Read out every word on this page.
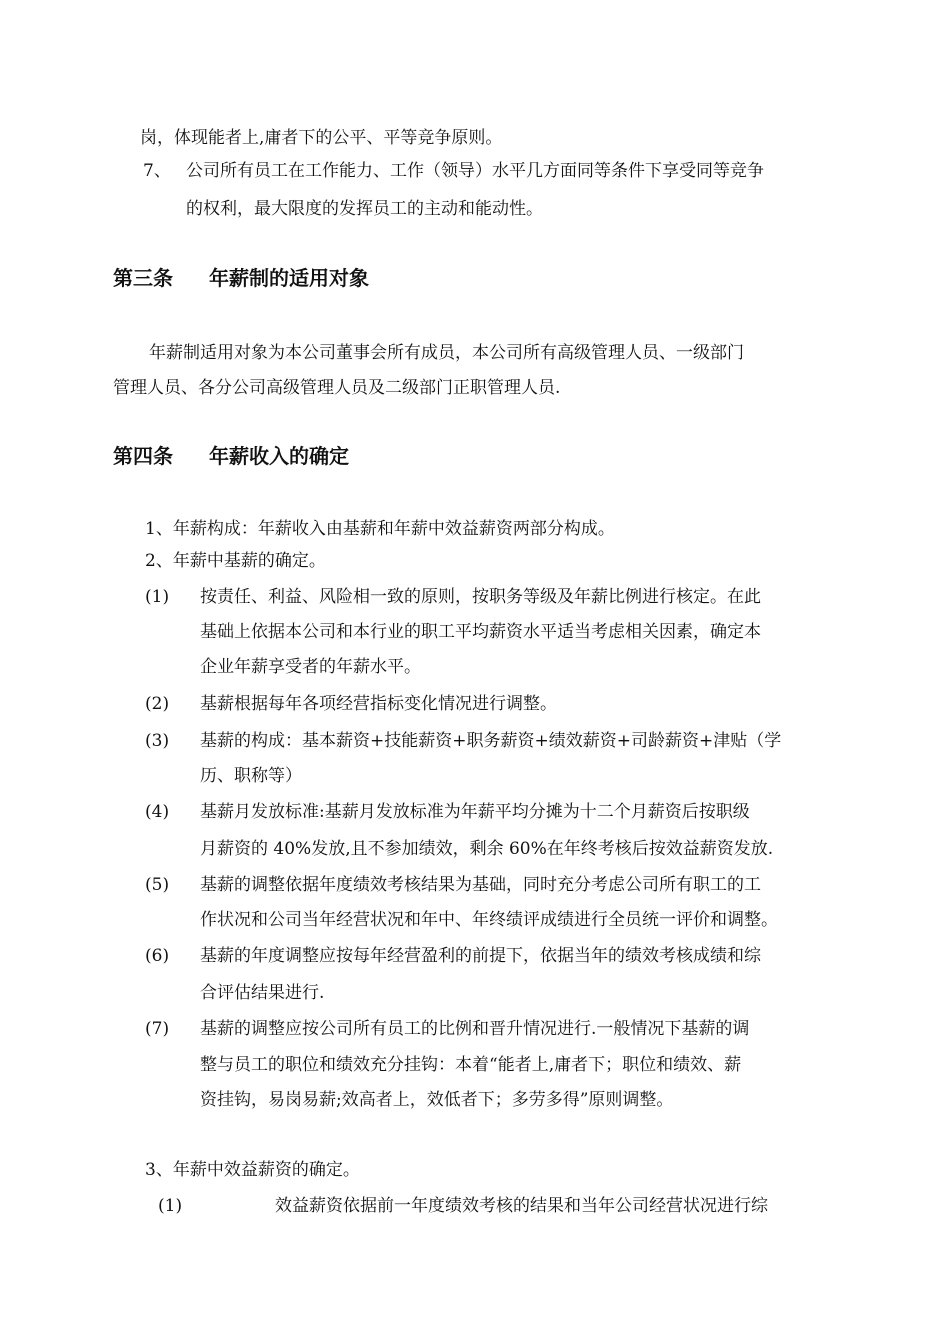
岗，体现能者上,庸者下的公平、平等竞争原则。
7、 公司所有员工在工作能力、工作（领导）水平几方面同等条件下享受同等竞争
的权利，最大限度的发挥员工的主动和能动性。
第三条 年薪制的适用对象
年薪制适用对象为本公司董事会所有成员，本公司所有高级管理人员、一级部门
管理人员、各分公司高级管理人员及二级部门正职管理人员.
第四条 年薪收入的确定
1、年薪构成：年薪收入由基薪和年薪中效益薪资两部分构成。
2、年薪中基薪的确定。
(1) 按责任、利益、风险相一致的原则，按职务等级及年薪比例进行核定。在此
基础上依据本公司和本行业的职工平均薪资水平适当考虑相关因素，确定本
企业年薪享受者的年薪水平。
(2) 基薪根据每年各项经营指标变化情况进行调整。
(3) 基薪的构成：基本薪资+技能薪资+职务薪资+绩效薪资+司龄薪资+津贴（学
历、职称等）
(4) 基薪月发放标准:基薪月发放标准为年薪平均分摊为十二个月薪资后按职级
月薪资的 40%发放,且不参加绩效，剩余 60%在年终考核后按效益薪资发放.
(5) 基薪的调整依据年度绩效考核结果为基础，同时充分考虑公司所有职工的工
作状况和公司当年经营状况和年中、年终绩评成绩进行全员统一评价和调整。
(6) 基薪的年度调整应按每年经营盈利的前提下，依据当年的绩效考核成绩和综
合评估结果进行.
(7) 基薪的调整应按公司所有员工的比例和晋升情况进行.一般情况下基薪的调
整与员工的职位和绩效充分挂钩：本着“能者上,庸者下；职位和绩效、薪
资挂钩，易岗易薪;效高者上，效低者下；多劳多得”原则调整。
3、年薪中效益薪资的确定。
(1)	效益薪资依据前一年度绩效考核的结果和当年公司经营状况进行综
